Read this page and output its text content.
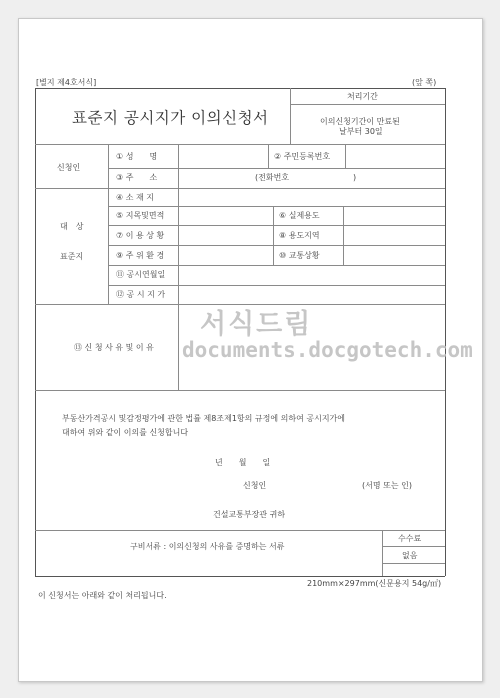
[별지 제4호서식]	(앞 쪽)
표준지 공시지가 이의신청서
처리기간
이의신청기간이 만료된
날부터 30일
신청인
① 성　　명	② 주민등록번호
③ 주　　소	(전화번호　　　　　　　　)
대　상
표준지
④ 소 재 지
⑤ 지목및면적	⑥ 실제용도
⑦ 이 용 상 황	⑧ 용도지역
⑨ 주 위 환 경	⑩ 교통상황
⑪ 공시연월일
⑫ 공 시 지 가
⑬ 신 청 사 유 및 이 유
서식드림
documents.docgotech.com
부동산가격공시 및감정평가에 관한 법률 제8조제1항의 규정에 의하여 공시지가에
대하여 위와 같이 이의를 신청합니다
년　　월　　일
신청인	(서명 또는 인)
건설교통부장관 귀하
구비서류 : 이의신청의 사유를 증명하는 서류
수수료
없음
210mm×297mm(신문용지 54g/㎡)
이 신청서는 아래와 같이 처리됩니다.
